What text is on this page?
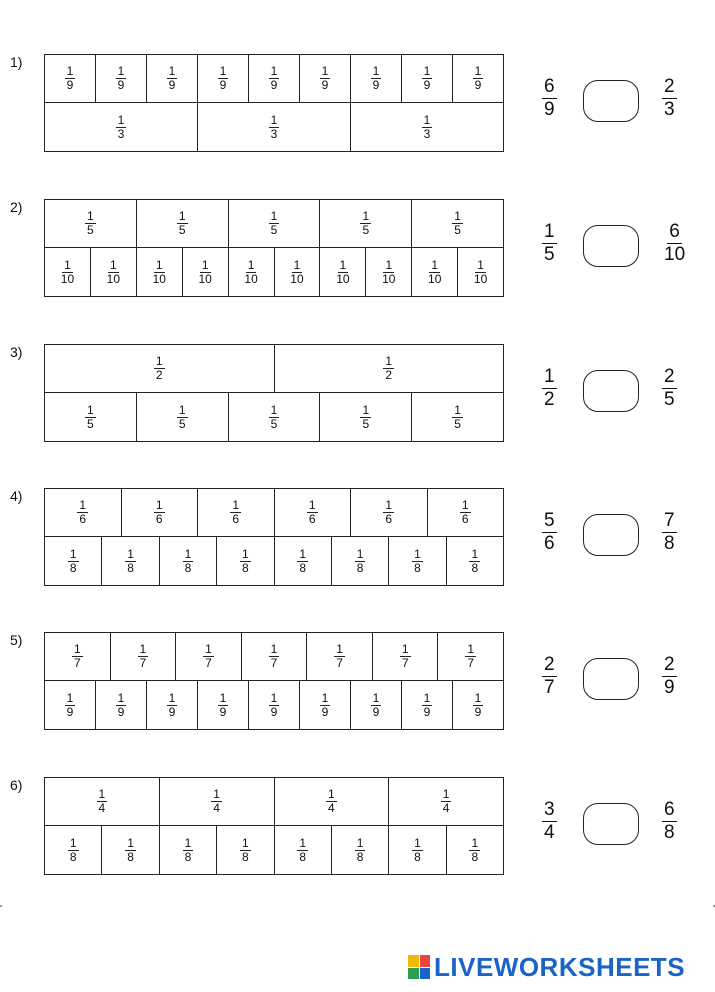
1)
$\frac{1}{9}$	$\frac{1}{9}$	$\frac{1}{9}$	$\frac{1}{9}$	$\frac{1}{9}$	$\frac{1}{9}$	$\frac{1}{9}$	$\frac{1}{9}$	$\frac{1}{9}$
$\frac{1}{3}$	$\frac{1}{3}$	$\frac{1}{3}$
$\frac{6}{9}$	$\frac{2}{3}$
2)
$\frac{1}{5}$	$\frac{1}{5}$	$\frac{1}{5}$	$\frac{1}{5}$	$\frac{1}{5}$
$\frac{1}{10} \frac{1}{10} \frac{1}{10} \frac{1}{10} \frac{1}{10} \frac{1}{10} \frac{1}{10} \frac{1}{10} \frac{1}{10} \frac{1}{10}$
$\frac{1}{5}$	$\frac{6}{10}$
3)
$\frac{1}{2}$	$\frac{1}{2}$
$\frac{1}{5}$	$\frac{1}{5}$	$\frac{1}{5}$	$\frac{1}{5}$	$\frac{1}{5}$
$\frac{1}{2}$	$\frac{2}{5}$
4)
$\frac{1}{6}$	$\frac{1}{6}$	$\frac{1}{6}$	$\frac{1}{6}$	$\frac{1}{6}$	$\frac{1}{6}$
$\frac{1}{8}$	$\frac{1}{8}$	$\frac{1}{8}$	$\frac{1}{8}$	$\frac{1}{8}$	$\frac{1}{8}$	$\frac{1}{8}$	$\frac{1}{8}$
$\frac{5}{6}$	$\frac{7}{8}$
5)
$\frac{1}{7}$	$\frac{1}{7}$	$\frac{1}{7}$	$\frac{1}{7}$	$\frac{1}{7}$	$\frac{1}{7}$	$\frac{1}{7}$
$\frac{1}{9}$	$\frac{1}{9}$	$\frac{1}{9}$	$\frac{1}{9}$	$\frac{1}{9}$	$\frac{1}{9}$	$\frac{1}{9}$	$\frac{1}{9}$	$\frac{1}{9}$
$\frac{2}{7}$	$\frac{2}{9}$
6)
$\frac{1}{4}$	$\frac{1}{4}$	$\frac{1}{4}$	$\frac{1}{4}$
$\frac{1}{8}$	$\frac{1}{8}$	$\frac{1}{8}$	$\frac{1}{8}$	$\frac{1}{8}$	$\frac{1}{8}$	$\frac{1}{8}$	$\frac{1}{8}$
$\frac{3}{4}$	$\frac{6}{8}$
LIVEWORKSHEETS
